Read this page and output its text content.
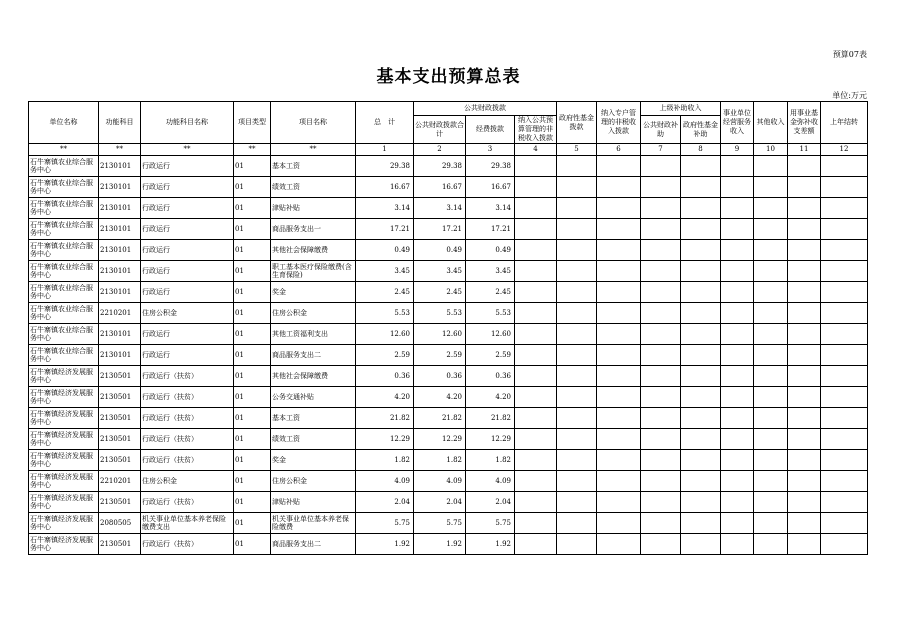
预算07表
基本支出预算总表
单位:万元
单位名称	功能科目	功能科目名称	项目类型	项目名称	总　计	公共财政拨款			政府性基金拨款	纳入专户管理的非税收入拨款	上级补助收入		事业单位经营服务收入	其他收入	用事业基金弥补收支差额	上年结转
						公共财政拨款合计	经费拨款	纳入公共预算管理的非税收入拨款								
											公共财政补助	政府性基金补助				
**	**	**	**	**	1	2	3	4	5	6	7	8	9	10	11	12
石牛寨镇农业综合服务中心	2130101	行政运行	01	基本工资	29.38	29.38	29.38									
石牛寨镇农业综合服务中心	2130101	行政运行	01	绩效工资	16.67	16.67	16.67									
石牛寨镇农业综合服务中心	2130101	行政运行	01	津贴补贴	3.14	3.14	3.14									
石牛寨镇农业综合服务中心	2130101	行政运行	01	商品服务支出一	17.21	17.21	17.21									
石牛寨镇农业综合服务中心	2130101	行政运行	01	其他社会保障缴费	0.49	0.49	0.49									
石牛寨镇农业综合服务中心	2130101	行政运行	01	职工基本医疗保险缴费(含生育保险)	3.45	3.45	3.45									
石牛寨镇农业综合服务中心	2130101	行政运行	01	奖金	2.45	2.45	2.45									
石牛寨镇农业综合服务中心	2210201	住房公积金	01	住房公积金	5.53	5.53	5.53									
石牛寨镇农业综合服务中心	2130101	行政运行	01	其他工资福利支出	12.60	12.60	12.60									
石牛寨镇农业综合服务中心	2130101	行政运行	01	商品服务支出二	2.59	2.59	2.59									
石牛寨镇经济发展服务中心	2130501	行政运行（扶贫）	01	其他社会保障缴费	0.36	0.36	0.36									
石牛寨镇经济发展服务中心	2130501	行政运行（扶贫）	01	公务交通补贴	4.20	4.20	4.20									
石牛寨镇经济发展服务中心	2130501	行政运行（扶贫）	01	基本工资	21.82	21.82	21.82									
石牛寨镇经济发展服务中心	2130501	行政运行（扶贫）	01	绩效工资	12.29	12.29	12.29									
石牛寨镇经济发展服务中心	2130501	行政运行（扶贫）	01	奖金	1.82	1.82	1.82									
石牛寨镇经济发展服务中心	2210201	住房公积金	01	住房公积金	4.09	4.09	4.09									
石牛寨镇经济发展服务中心	2130501	行政运行（扶贫）	01	津贴补贴	2.04	2.04	2.04									
石牛寨镇经济发展服务中心	2080505	机关事业单位基本养老保险缴费支出	01	机关事业单位基本养老保险缴费	5.75	5.75	5.75									
石牛寨镇经济发展服务中心	2130501	行政运行（扶贫）	01	商品服务支出二	1.92	1.92	1.92									
